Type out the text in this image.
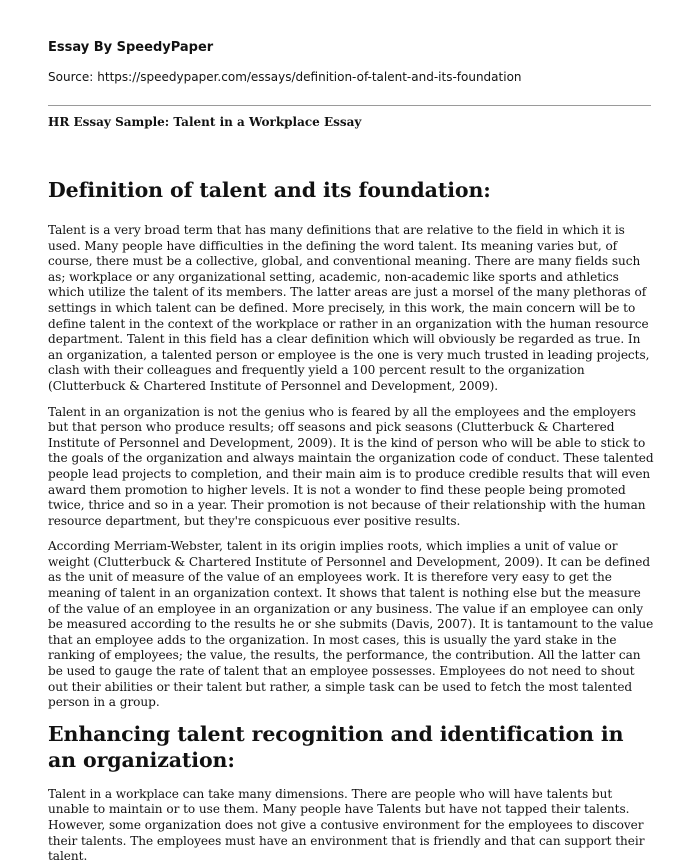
Essay By SpeedyPaper
Source: https://speedypaper.com/essays/definition-of-talent-and-its-foundation
HR Essay Sample: Talent in a Workplace Essay
Definition of talent and its foundation:

Talent is a very broad term that has many definitions that are relative to the field in which it is used. Many people have difficulties in the defining the word talent. Its meaning varies but, of course, there must be a collective, global, and conventional meaning. There are many fields such as; workplace or any organizational setting, academic, non-academic like sports and athletics which utilize the talent of its members. The latter areas are just a morsel of the many plethoras of settings in which talent can be defined. More precisely, in this work, the main concern will be to define talent in the context of the workplace or rather in an organization with the human resource department. Talent in this field has a clear definition which will obviously be regarded as true. In an organization, a talented person or employee is the one is very much trusted in leading projects, clash with their colleagues and frequently yield a 100 percent result to the organization (Clutterbuck & Chartered Institute of Personnel and Development, 2009).

Talent in an organization is not the genius who is feared by all the employees and the employers but that person who produce results; off seasons and pick seasons (Clutterbuck & Chartered Institute of Personnel and Development, 2009). It is the kind of person who will be able to stick to the goals of the organization and always maintain the organization code of conduct. These talented people lead projects to completion, and their main aim is to produce credible results that will even award them promotion to higher levels. It is not a wonder to find these people being promoted twice, thrice and so in a year. Their promotion is not because of their relationship with the human resource department, but they're conspicuous ever positive results.

According Merriam-Webster, talent in its origin implies roots, which implies a unit of value or weight (Clutterbuck & Chartered Institute of Personnel and Development, 2009). It can be defined as the unit of measure of the value of an employees work. It is therefore very easy to get the meaning of talent in an organization context. It shows that talent is nothing else but the measure of the value of an employee in an organization or any business. The value if an employee can only be measured according to the results he or she submits (Davis, 2007). It is tantamount to the value that an employee adds to the organization. In most cases, this is usually the yard stake in the ranking of employees; the value, the results, the performance, the contribution. All the latter can be used to gauge the rate of talent that an employee possesses. Employees do not need to shout out their abilities or their talent but rather, a simple task can be used to fetch the most talented person in a group.

Enhancing talent recognition and identification in an organization:

Talent in a workplace can take many dimensions. There are people who will have talents but unable to maintain or to use them. Many people have Talents but have not tapped their talents. However, some organization does not give a contusive environment for the employees to discover their talents. The employees must have an environment that is friendly and that can support their talent.
